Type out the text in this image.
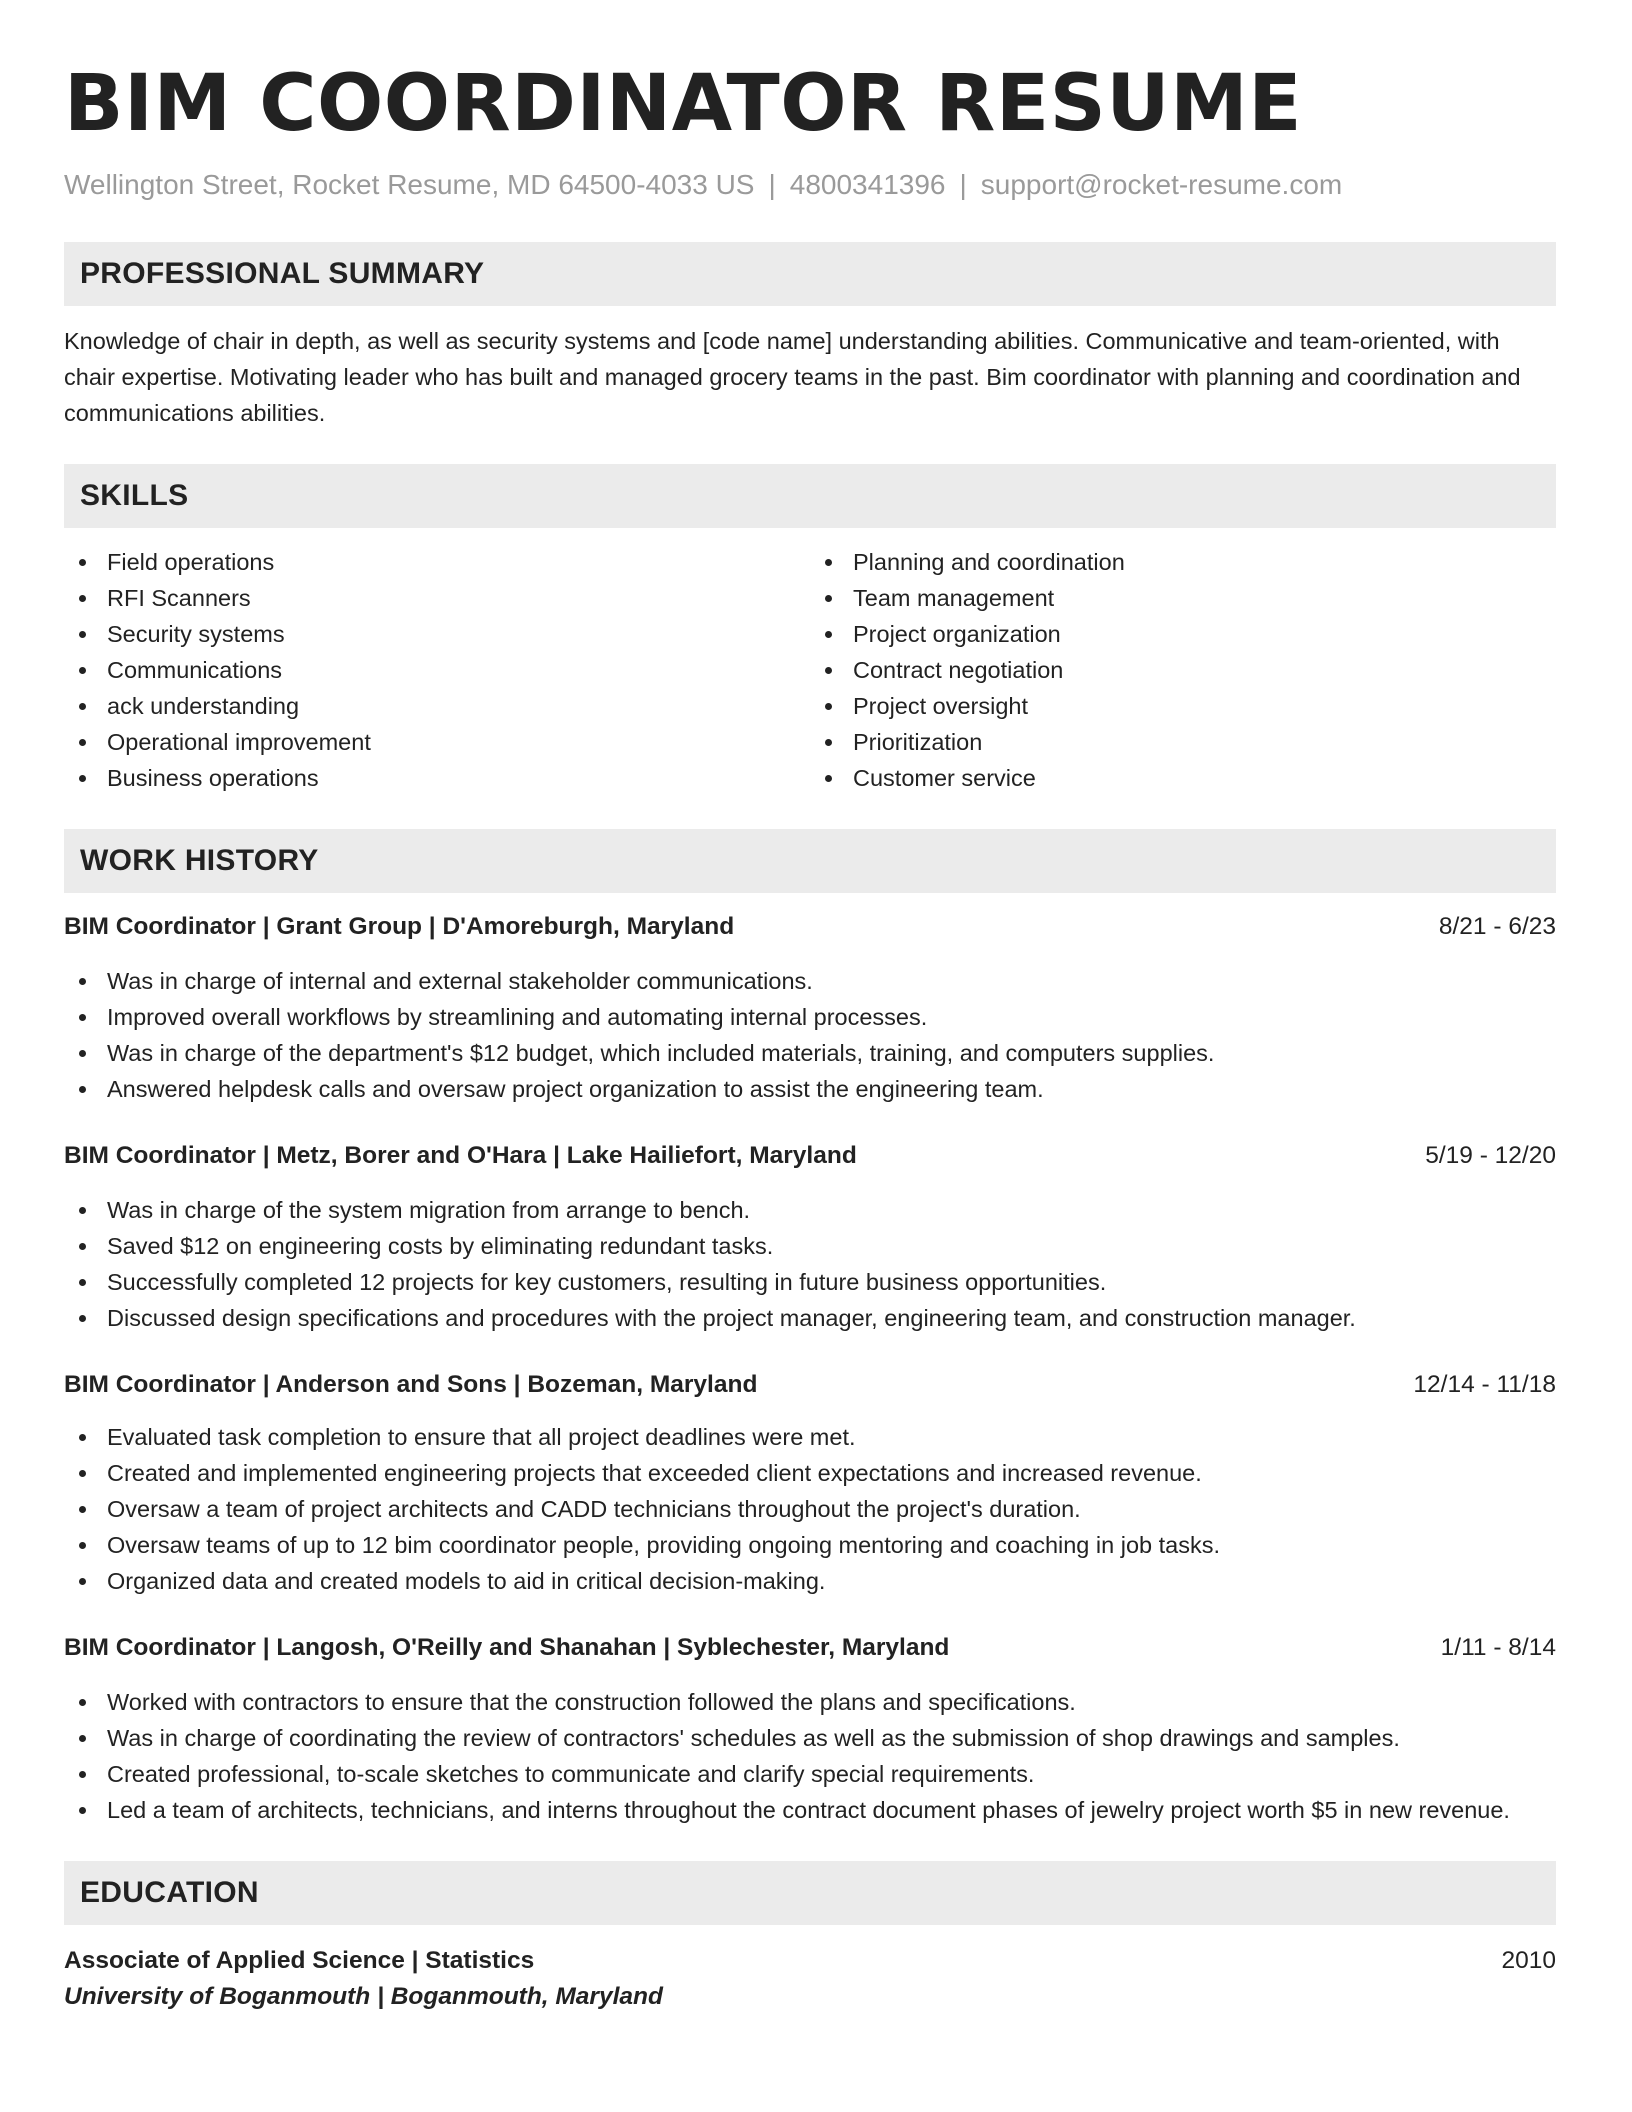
BIM COORDINATOR RESUME
Wellington Street, Rocket Resume, MD 64500-4033 US | 4800341396 | support@rocket-resume.com
PROFESSIONAL SUMMARY

Knowledge of chair in depth, as well as security systems and [code name] understanding abilities. Communicative and team-oriented, with chair expertise. Motivating leader who has built and managed grocery teams in the past. Bim coordinator with planning and coordination and communications abilities.

SKILLS
Field operations
RFI Scanners
Security systems
Communications
ack understanding
Operational improvement
Business operations
Planning and coordination
Team management
Project organization
Contract negotiation
Project oversight
Prioritization
Customer service
WORK HISTORY
BIM Coordinator | Grant Group | D'Amoreburgh, Maryland	8/21 - 6/23
Was in charge of internal and external stakeholder communications.
Improved overall workflows by streamlining and automating internal processes.
Was in charge of the department's $12 budget, which included materials, training, and computers supplies.
Answered helpdesk calls and oversaw project organization to assist the engineering team.
BIM Coordinator | Metz, Borer and O'Hara | Lake Hailiefort, Maryland	5/19 - 12/20
Was in charge of the system migration from arrange to bench.
Saved $12 on engineering costs by eliminating redundant tasks.
Successfully completed 12 projects for key customers, resulting in future business opportunities.
Discussed design specifications and procedures with the project manager, engineering team, and construction manager.
BIM Coordinator | Anderson and Sons | Bozeman, Maryland	12/14 - 11/18
Evaluated task completion to ensure that all project deadlines were met.
Created and implemented engineering projects that exceeded client expectations and increased revenue.
Oversaw a team of project architects and CADD technicians throughout the project's duration.
Oversaw teams of up to 12 bim coordinator people, providing ongoing mentoring and coaching in job tasks.
Organized data and created models to aid in critical decision-making.
BIM Coordinator | Langosh, O'Reilly and Shanahan | Syblechester, Maryland	1/11 - 8/14
Worked with contractors to ensure that the construction followed the plans and specifications.
Was in charge of coordinating the review of contractors' schedules as well as the submission of shop drawings and samples.
Created professional, to-scale sketches to communicate and clarify special requirements.
Led a team of architects, technicians, and interns throughout the contract document phases of jewelry project worth $5 in new revenue.
EDUCATION
Associate of Applied Science | Statistics	2010
University of Boganmouth | Boganmouth, Maryland
